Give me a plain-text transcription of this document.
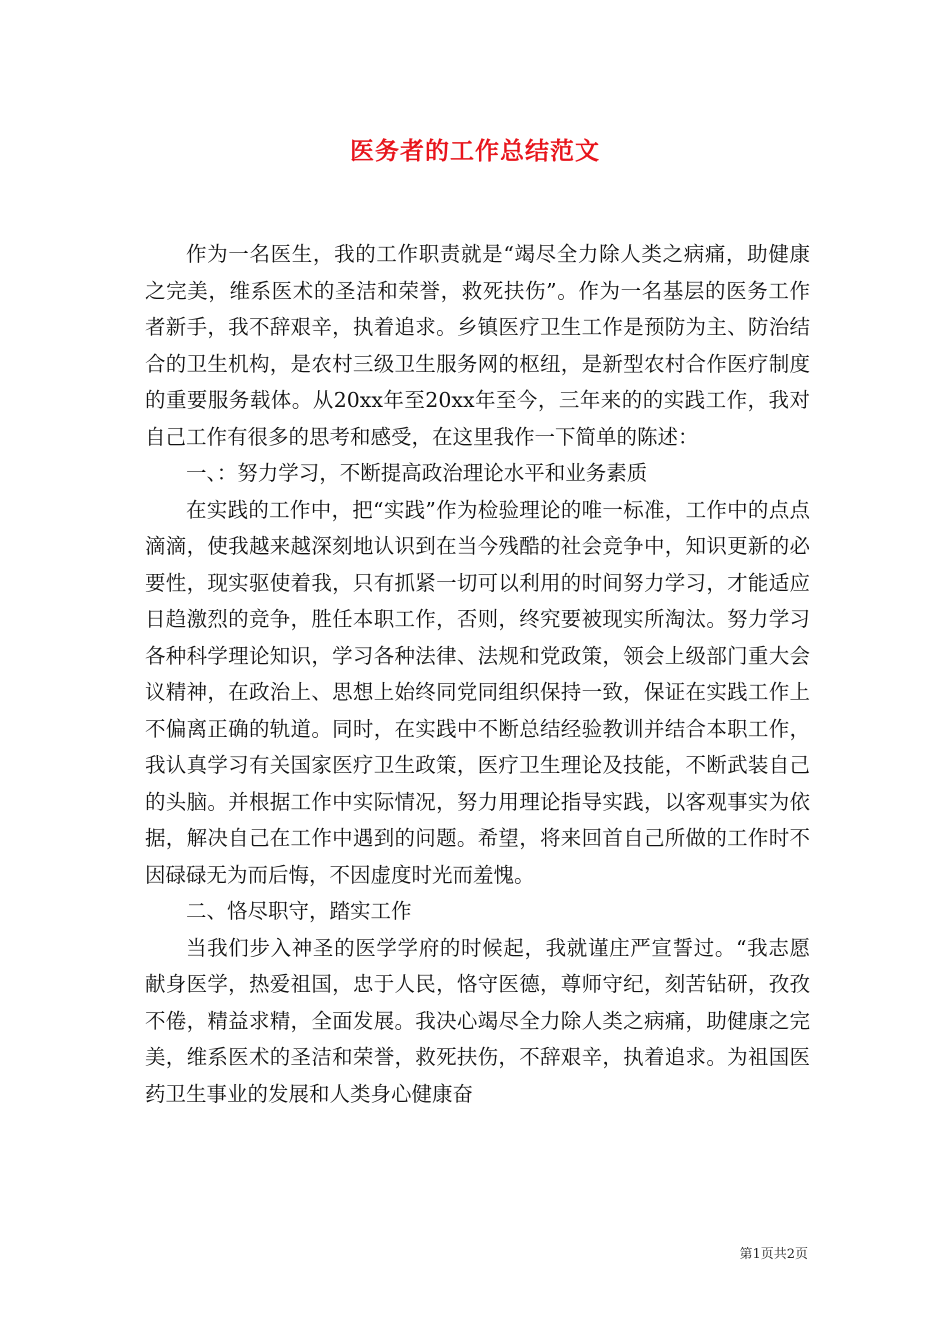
医务者的工作总结范文

作为一名医生，我的工作职责就是“竭尽全力除人类之病痛，助健康之完美，维系医术的圣洁和荣誉，救死扶伤”。作为一名基层的医务工作者新手，我不辞艰辛，执着追求。乡镇医疗卫生工作是预防为主、防治结合的卫生机构，是农村三级卫生服务网的枢纽，是新型农村合作医疗制度的重要服务载体。从20xx年至20xx年至今，三年来的的实践工作，我对自己工作有很多的思考和感受，在这里我作一下简单的陈述：

一、：努力学习，不断提高政治理论水平和业务素质

在实践的工作中，把“实践”作为检验理论的唯一标准，工作中的点点滴滴，使我越来越深刻地认识到在当今残酷的社会竞争中，知识更新的必要性，现实驱使着我，只有抓紧一切可以利用的时间努力学习，才能适应日趋激烈的竞争，胜任本职工作，否则，终究要被现实所淘汰。努力学习各种科学理论知识，学习各种法律、法规和党政策，领会上级部门重大会议精神，在政治上、思想上始终同党同组织保持一致，保证在实践工作上不偏离正确的轨道。同时，在实践中不断总结经验教训并结合本职工作，我认真学习有关国家医疗卫生政策，医疗卫生理论及技能，不断武装自己的头脑。并根据工作中实际情况，努力用理论指导实践，以客观事实为依据，解决自己在工作中遇到的问题。希望，将来回首自己所做的工作时不因碌碌无为而后悔，不因虚度时光而羞愧。

二、恪尽职守，踏实工作

当我们步入神圣的医学学府的时候起，我就谨庄严宣誓过。“我志愿献身医学，热爱祖国，忠于人民，恪守医德，尊师守纪，刻苦钻研，孜孜不倦，精益求精，全面发展。我决心竭尽全力除人类之病痛，助健康之完美，维系医术的圣洁和荣誉，救死扶伤，不辞艰辛，执着追求。为祖国医药卫生事业的发展和人类身心健康奋

第1页共2页
